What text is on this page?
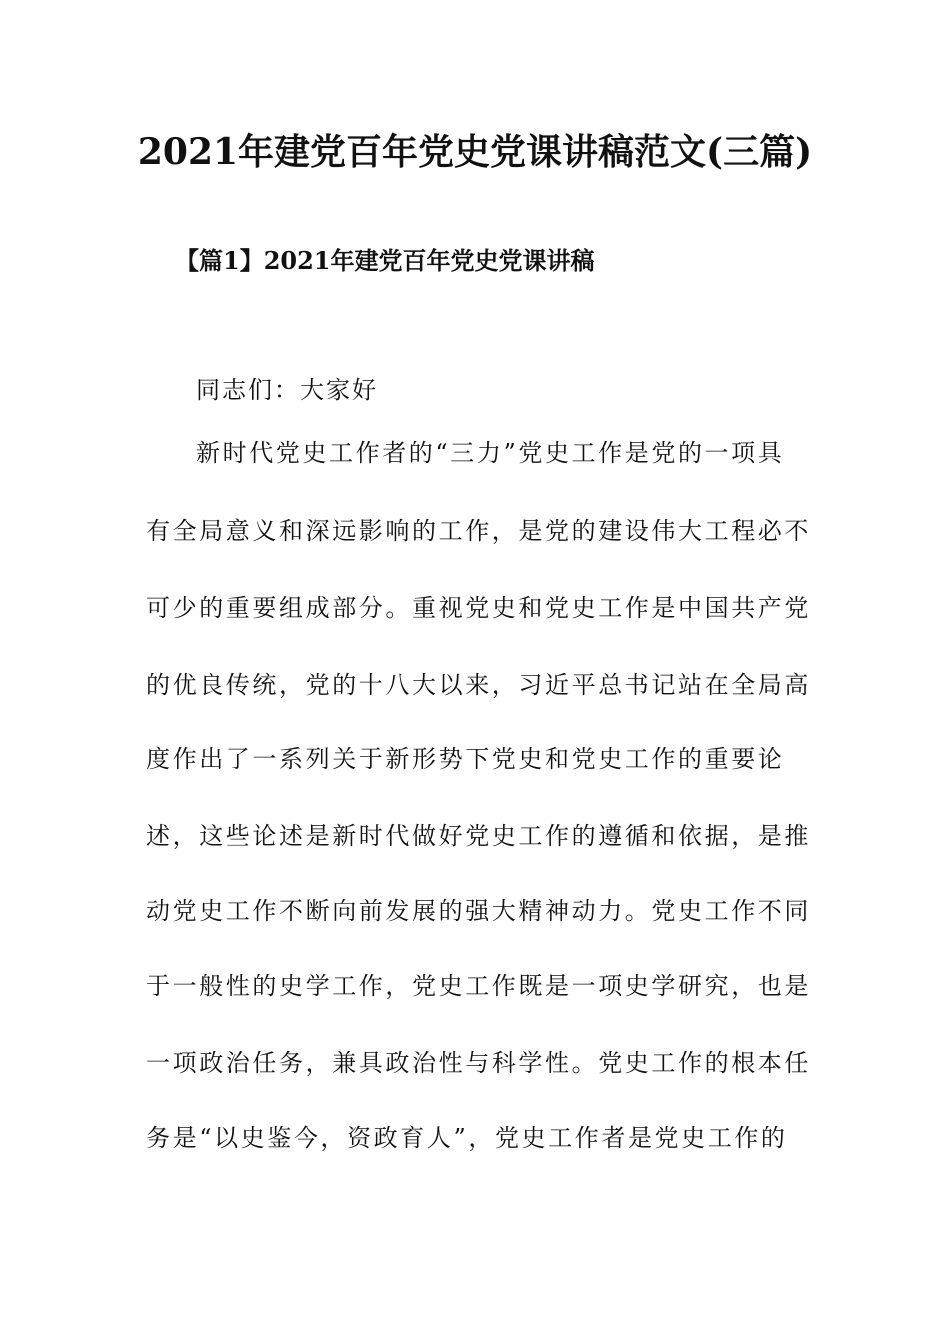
2021年建党百年党史党课讲稿范文(三篇)
【篇1】2021年建党百年党史党课讲稿
同志们：大家好
新时代党史工作者的“三力”党史工作是党的一项具
有全局意义和深远影响的工作，是党的建设伟大工程必不
可少的重要组成部分。重视党史和党史工作是中国共产党
的优良传统，党的十八大以来，习近平总书记站在全局高
度作出了一系列关于新形势下党史和党史工作的重要论
述，这些论述是新时代做好党史工作的遵循和依据，是推
动党史工作不断向前发展的强大精神动力。党史工作不同
于一般性的史学工作，党史工作既是一项史学研究，也是
一项政治任务，兼具政治性与科学性。党史工作的根本任
务是“以史鉴今，资政育人”，党史工作者是党史工作的
